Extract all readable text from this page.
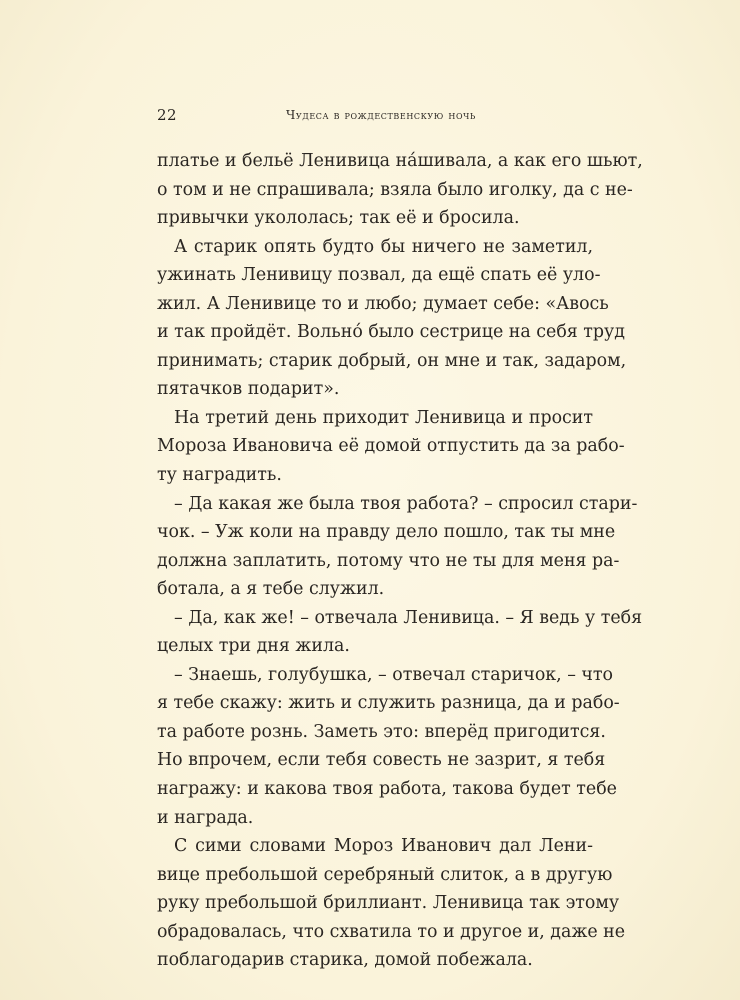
22	Чудеса в рождественскую ночь
платье и бельё Ленивица на́шивала, а как его шьют,
о том и не спрашивала; взяла было иголку, да с не-
привычки укололась; так её и бросила.
А старик опять будто бы ничего не заметил,
ужинать Ленивицу позвал, да ещё спать её уло-
жил. А Ленивице то и любо; думает себе: «Авось
и так пройдёт. Вольно́ было сестрице на себя труд
принимать; старик добрый, он мне и так, задаром,
пятачков подарит».
На третий день приходит Ленивица и просит
Мороза Ивановича её домой отпустить да за рабо-
ту наградить.
– Да какая же была твоя работа? – спросил стари-
чок. – Уж коли на правду дело пошло, так ты мне
должна заплатить, потому что не ты для меня ра-
ботала, а я тебе служил.
– Да, как же! – отвечала Ленивица. – Я ведь у тебя
целых три дня жила.
– Знаешь, голубушка, – отвечал старичок, – что
я тебе скажу: жить и служить разница, да и рабо-
та работе рознь. Заметь это: вперёд пригодится.
Но впрочем, если тебя совесть не зазрит, я тебя
награжу: и какова твоя работа, такова будет тебе
и награда.
С сими словами Мороз Иванович дал Лени-
вице пребольшой серебряный слиток, а в другую
руку пребольшой бриллиант. Ленивица так этому
обрадовалась, что схватила то и другое и, даже не
поблагодарив старика, домой побежала.
